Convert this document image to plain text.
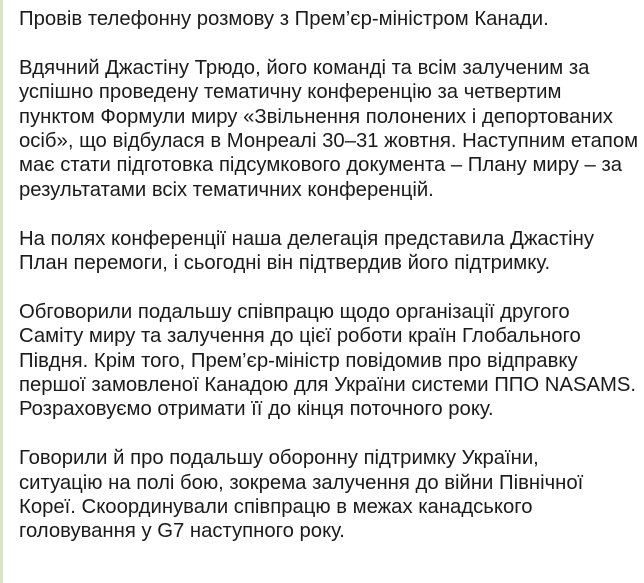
Провів телефонну розмову з Прем’єр-міністром Канади.

Вдячний Джастіну Трюдо, його команді та всім залученим за
успішно проведену тематичну конференцію за четвертим
пунктом Формули миру «Звільнення полонених і депортованих
осіб», що відбулася в Монреалі 30–31 жовтня. Наступним етапом
має стати підготовка підсумкового документа – Плану миру – за
результатами всіх тематичних конференцій.

На полях конференції наша делегація представила Джастіну
План перемоги, і сьогодні він підтвердив його підтримку.

Обговорили подальшу співпрацю щодо організації другого
Саміту миру та залучення до цієї роботи країн Глобального
Півдня. Крім того, Прем’єр-міністр повідомив про відправку
першої замовленої Канадою для України системи ППО NASAMS.
Розраховуємо отримати її до кінця поточного року.

Говорили й про подальшу оборонну підтримку України,
ситуацію на полі бою, зокрема залучення до війни Північної
Кореї. Скоординували співпрацю в межах канадського
головування у G7 наступного року.
